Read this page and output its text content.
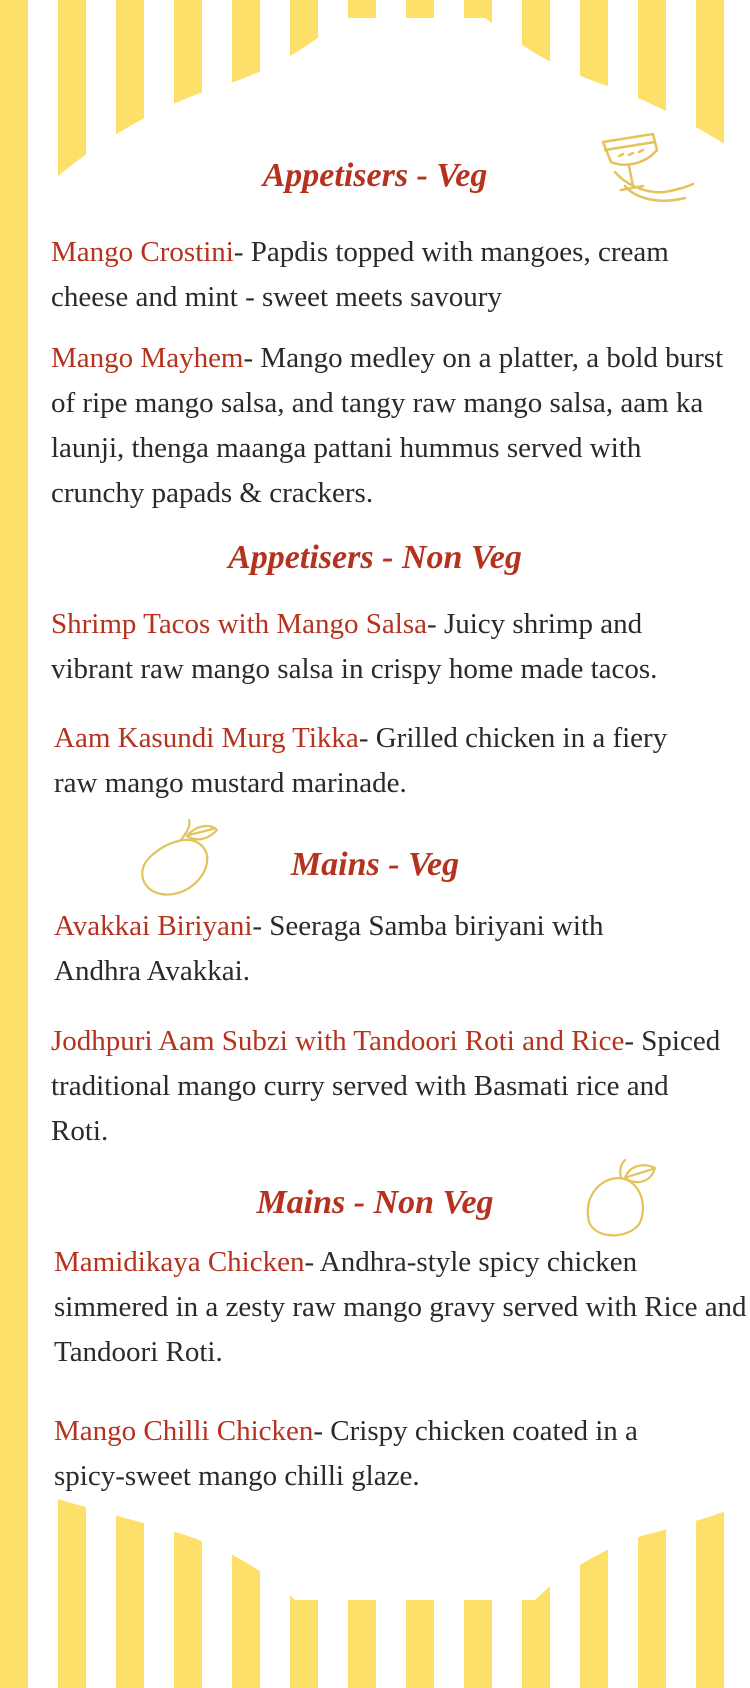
Appetisers - Veg

Mango Crostini- Papdis topped with mangoes, cream cheese and mint - sweet meets savoury

Mango Mayhem- Mango medley on a platter, a bold burst of ripe mango salsa, and tangy raw mango salsa, aam ka launji, thenga maanga pattani hummus served with crunchy papads & crackers.

Appetisers - Non Veg

Shrimp Tacos with Mango Salsa- Juicy shrimp and vibrant raw mango salsa in crispy home made tacos.

Aam Kasundi Murg Tikka- Grilled chicken in a fiery raw mango mustard marinade.

Mains - Veg

Avakkai Biriyani- Seeraga Samba biriyani with Andhra Avakkai.

Jodhpuri Aam Subzi with Tandoori Roti and Rice- Spiced traditional mango curry served with Basmati rice and Roti.

Mains - Non Veg

Mamidikaya Chicken- Andhra-style spicy chicken simmered in a zesty raw mango gravy served with Rice and Tandoori Roti.

Mango Chilli Chicken- Crispy chicken coated in a spicy-sweet mango chilli glaze.
